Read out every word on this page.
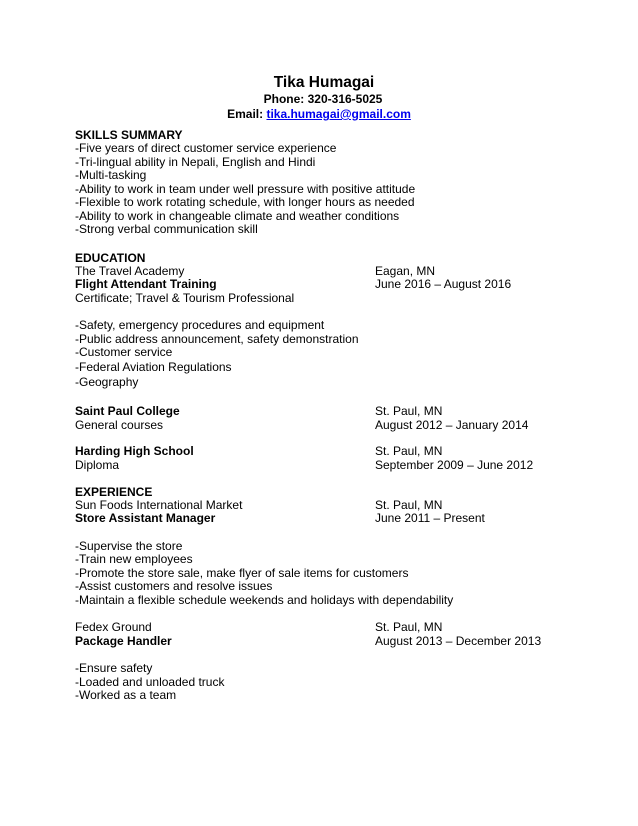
Tika Humagai
Phone: 320-316-5025
Email: tika.humagai@gmail.com
SKILLS SUMMARY
-Five years of direct customer service experience
-Tri-lingual ability in Nepali, English and Hindi
-Multi-tasking
-Ability to work in team under well pressure with positive attitude
-Flexible to work rotating schedule, with longer hours as needed
-Ability to work in changeable climate and weather conditions
-Strong verbal communication skill
EDUCATION
The Travel Academy	Eagan, MN
Flight Attendant Training	June 2016 – August 2016
Certificate; Travel & Tourism Professional
-Safety, emergency procedures and equipment
-Public address announcement, safety demonstration
-Customer service
-Federal Aviation Regulations
-Geography
Saint Paul College	St. Paul, MN
General courses	August 2012 – January 2014
Harding High School	St. Paul, MN
Diploma	September 2009 – June 2012
EXPERIENCE
Sun Foods International Market	St. Paul, MN
Store Assistant Manager	June 2011 – Present
-Supervise the store
-Train new employees
-Promote the store sale, make flyer of sale items for customers
-Assist customers and resolve issues
-Maintain a flexible schedule weekends and holidays with dependability
Fedex Ground	St. Paul, MN
Package Handler	August 2013 – December 2013
-Ensure safety
-Loaded and unloaded truck
-Worked as a team
